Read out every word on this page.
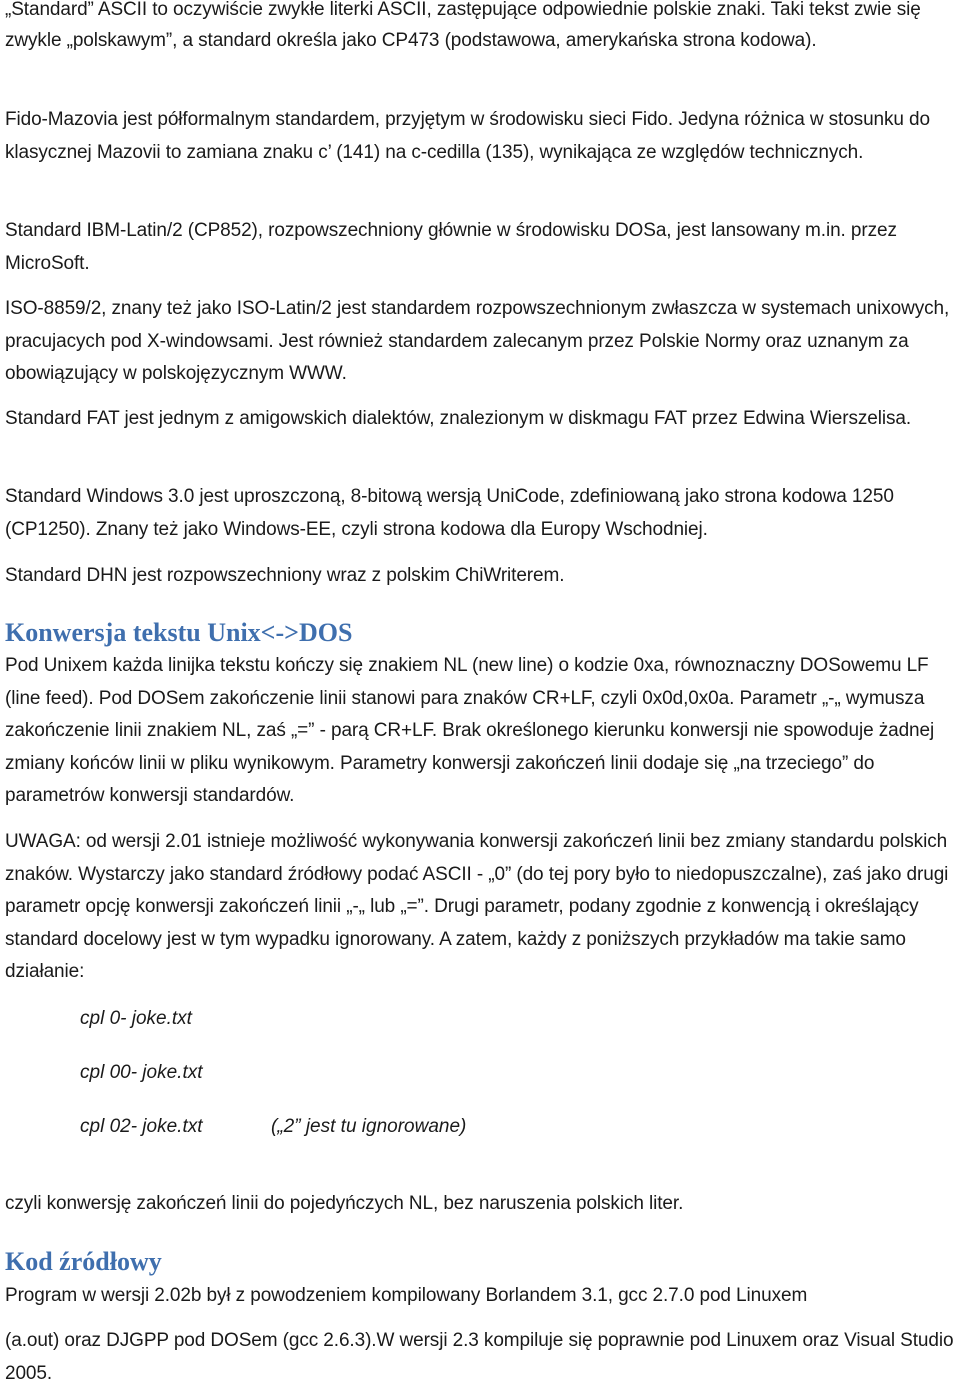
„Standard” ASCII to oczywiście zwykłe literki ASCII, zastępujące odpowiednie polskie znaki. Taki tekst zwie się zwykle „polskawym”, a standard określa jako CP473 (podstawowa, amerykańska strona kodowa).

Fido-Mazovia jest półformalnym standardem, przyjętym w środowisku sieci Fido. Jedyna różnica w stosunku do klasycznej Mazovii to zamiana znaku c’ (141) na c-cedilla (135), wynikająca ze względów technicznych.

Standard IBM-Latin/2 (CP852), rozpowszechniony głównie w środowisku DOSa, jest lansowany m.in. przez MicroSoft.

ISO-8859/2, znany też jako ISO-Latin/2 jest standardem rozpowszechnionym zwłaszcza w systemach unixowych, pracujacych pod X-windowsami. Jest również standardem zalecanym przez Polskie Normy oraz uznanym za obowiązujący w polskojęzycznym WWW.

Standard FAT jest jednym z amigowskich dialektów, znalezionym w diskmagu FAT przez Edwina Wierszelisa.

Standard Windows 3.0 jest uproszczoną, 8-bitową wersją UniCode, zdefiniowaną jako strona kodowa 1250 (CP1250). Znany też jako Windows-EE, czyli strona kodowa dla Europy Wschodniej.

Standard DHN jest rozpowszechniony wraz z polskim ChiWriterem.

Konwersja tekstu Unix<->DOS

Pod Unixem każda linijka tekstu kończy się znakiem NL (new line) o kodzie 0xa, równoznaczny DOSowemu LF (line feed). Pod DOSem zakończenie linii stanowi para znaków CR+LF, czyli 0x0d,0x0a. Parametr „-„ wymusza zakończenie linii znakiem NL, zaś „=” - parą CR+LF. Brak określonego kierunku konwersji nie spowoduje żadnej zmiany końców linii w pliku wynikowym. Parametry konwersji zakończeń linii dodaje się „na trzeciego” do parametrów konwersji standardów.

UWAGA: od wersji 2.01 istnieje możliwość wykonywania konwersji zakończeń linii bez zmiany standardu polskich znaków. Wystarczy jako standard źródłowy podać ASCII - „0” (do tej pory było to niedopuszczalne), zaś jako drugi parametr opcję konwersji zakończeń linii „-„ lub „=”. Drugi parametr, podany zgodnie z konwencją i określający standard docelowy jest w tym wypadku ignorowany. A zatem, każdy z poniższych przykładów ma takie samo działanie:

cpl 0- joke.txt
cpl 00- joke.txt
cpl 02- joke.txt	(„2” jest tu ignorowane)

czyli konwersję zakończeń linii do pojedyńczych NL, bez naruszenia polskich liter.

Kod źródłowy

Program w wersji 2.02b był z powodzeniem kompilowany Borlandem 3.1, gcc 2.7.0 pod Linuxem

(a.out) oraz DJGPP pod DOSem (gcc 2.6.3).W wersji 2.3 kompiluje się poprawnie pod Linuxem oraz Visual Studio 2005.
